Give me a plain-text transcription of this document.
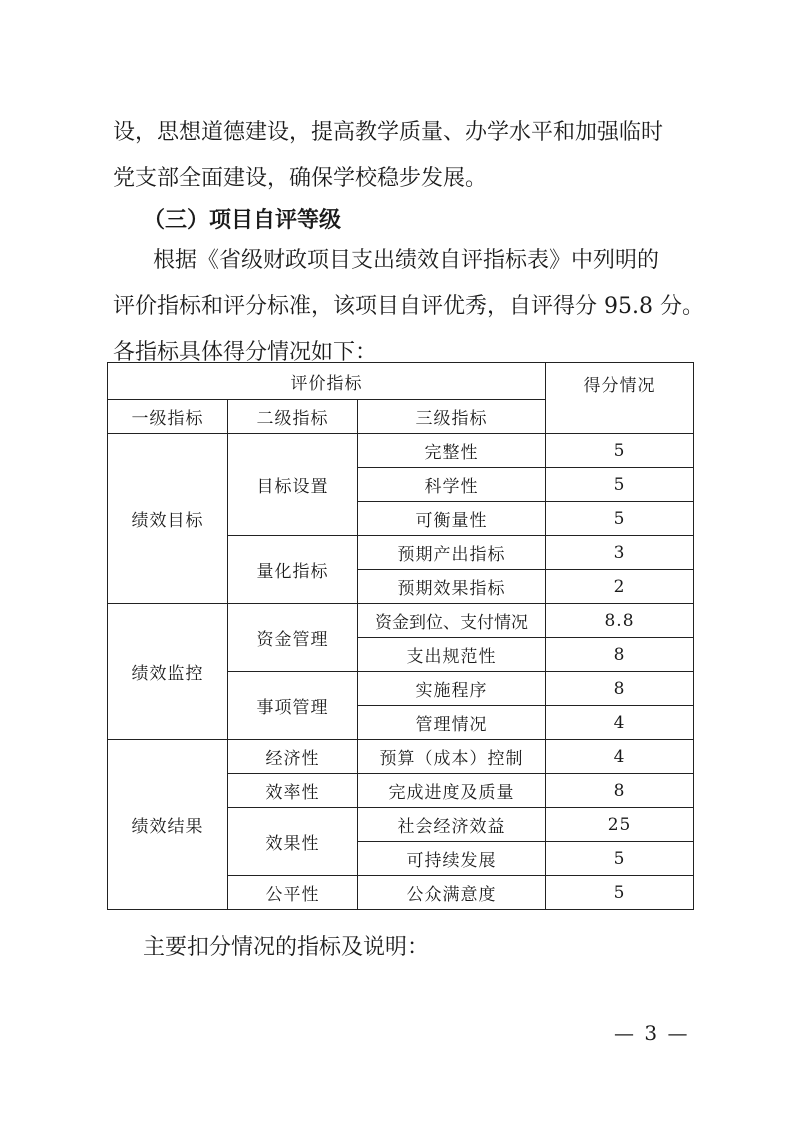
设，思想道德建设，提高教学质量、办学水平和加强临时
党支部全面建设，确保学校稳步发展。
（三）项目自评等级
根据《省级财政项目支出绩效自评指标表》中列明的
评价指标和评分标准，该项目自评优秀，自评得分 95.8 分。
各指标具体得分情况如下：
评价指标			得分情况
一级指标	二级指标	三级指标	
绩效目标	目标设置	完整性	5
		科学性	5
		可衡量性	5
	量化指标	预期产出指标	3
		预期效果指标	2
绩效监控	资金管理	资金到位、支付情况	8.8
		支出规范性	8
	事项管理	实施程序	8
		管理情况	4
绩效结果	经济性	预算（成本）控制	4
	效率性	完成进度及质量	8
	效果性	社会经济效益	25
		可持续发展	5
	公平性	公众满意度	5
主要扣分情况的指标及说明：
— 3 —
